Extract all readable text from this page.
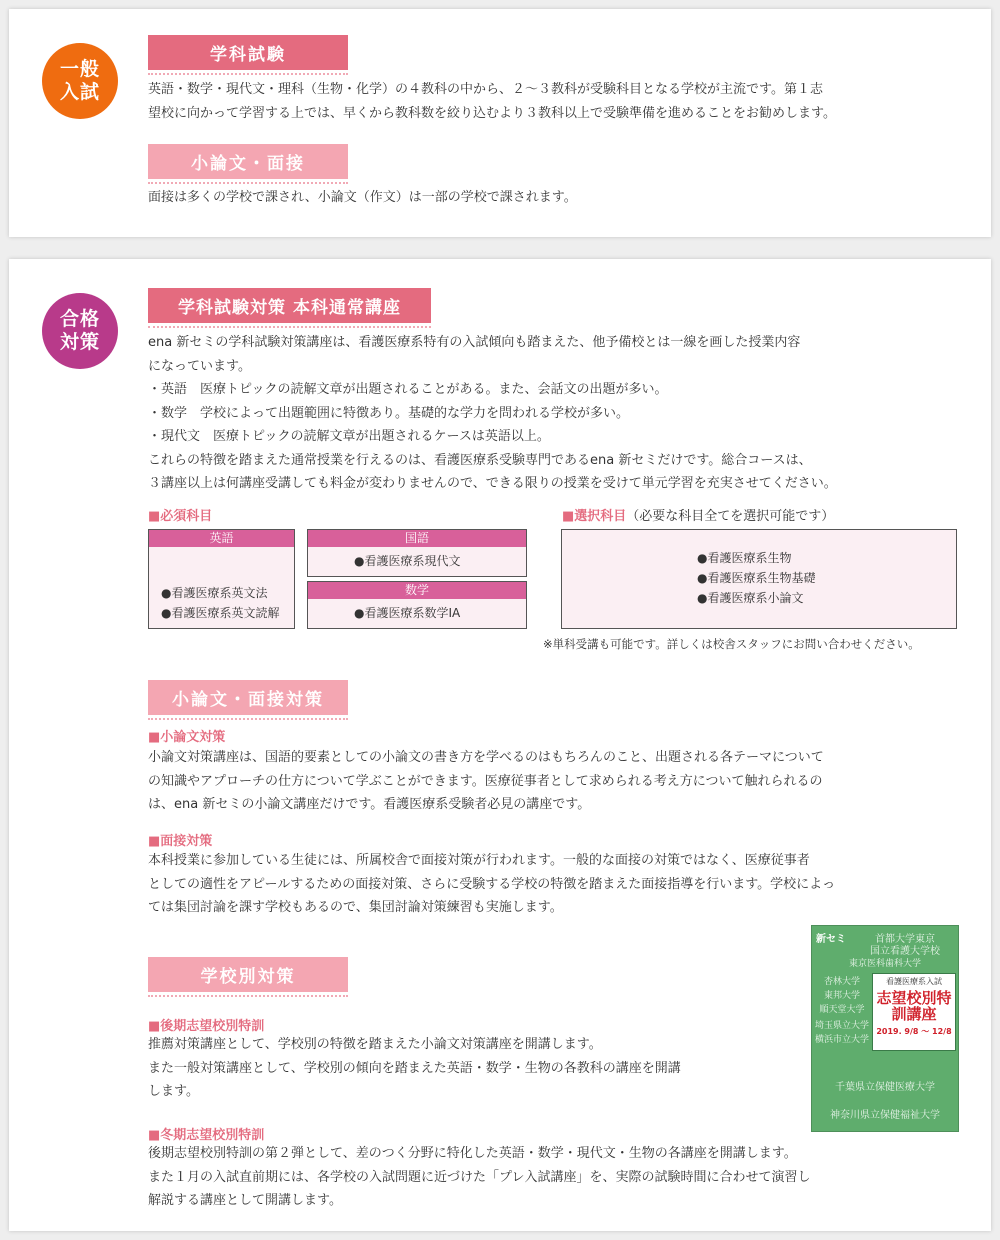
一般
入試
学科試験
英語・数学・現代文・理科（生物・化学）の４教科の中から、２〜３教科が受験科目となる学校が主流です。第１志
望校に向かって学習する上では、早くから教科数を絞り込むより３教科以上で受験準備を進めることをお勧めします。
小論文・面接
面接は多くの学校で課され、小論文（作文）は一部の学校で課されます。
合格
対策
学科試験対策 本科通常講座
ena 新セミの学科試験対策講座は、看護医療系特有の入試傾向も踏まえた、他予備校とは一線を画した授業内容
になっています。
・英語　医療トピックの読解文章が出題されることがある。また、会話文の出題が多い。
・数学　学校によって出題範囲に特徴あり。基礎的な学力を問われる学校が多い。
・現代文　医療トピックの読解文章が出題されるケースは英語以上。
これらの特徴を踏まえた通常授業を行えるのは、看護医療系受験専門であるena 新セミだけです。総合コースは、
３講座以上は何講座受講しても料金が変わりませんので、できる限りの授業を受けて単元学習を充実させてください。
■必須科目	■選択科目（必要な科目全てを選択可能です）
英語
●看護医療系英文法
●看護医療系英文読解
国語
●看護医療系現代文
数学
●看護医療系数学ⅠA
●看護医療系生物
●看護医療系生物基礎
●看護医療系小論文
※単科受講も可能です。詳しくは校舎スタッフにお問い合わせください。
小論文・面接対策
■小論文対策
小論文対策講座は、国語的要素としての小論文の書き方を学べるのはもちろんのこと、出題される各テーマについて
の知識やアプローチの仕方について学ぶことができます。医療従事者として求められる考え方について触れられるの
は、ena 新セミの小論文講座だけです。看護医療系受験者必見の講座です。
■面接対策
本科授業に参加している生徒には、所属校舎で面接対策が行われます。一般的な面接の対策ではなく、医療従事者
としての適性をアピールするための面接対策、さらに受験する学校の特徴を踏まえた面接指導を行います。学校によっ
ては集団討論を課す学校もあるので、集団討論対策練習も実施します。
学校別対策
■後期志望校別特訓
推薦対策講座として、学校別の特徴を踏まえた小論文対策講座を開講します。
また一般対策講座として、学校別の傾向を踏まえた英語・数学・生物の各教科の講座を開講
します。
■冬期志望校別特訓
後期志望校別特訓の第２弾として、差のつく分野に特化した英語・数学・現代文・生物の各講座を開講します。
また１月の入試直前期には、各学校の入試問題に近づけた「プレ入試講座」を、実際の試験時間に合わせて演習し
解説する講座として開講します。
新セミ	首都大学東京
国立看護大学校
東京医科歯科大学
杏林大学
東邦大学
順天堂大学
埼玉県立大学
横浜市立大学
看護医療系入試
志望校別特訓講座
2019. 9/8 〜 12/8
千葉県立保健医療大学
神奈川県立保健福祉大学
